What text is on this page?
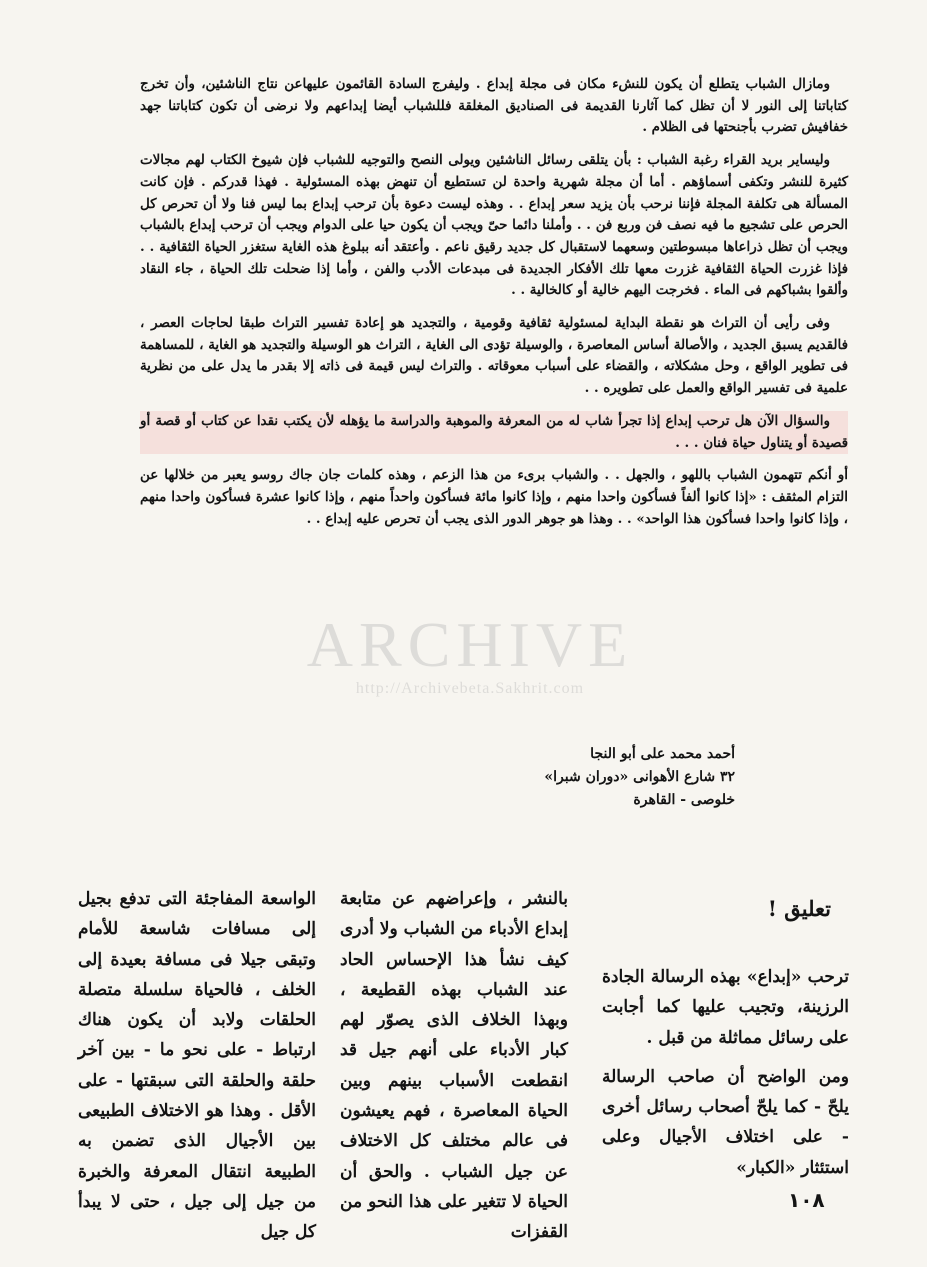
ومازال الشباب يتطلع أن يكون للنشء مكان فى مجلة إبداع . وليفرج السادة القائمون عليهاعن نتاج الناشئين، وأن تخرج كتاباتنا إلى النور لا أن تظل كما آثارنا القديمة فى الصناديق المغلقة فللشباب أيضا إبداعهم ولا نرضى أن تكون كتاباتنا جهد خفافيش تضرب بأجنحتها فى الظلام .

وليساير بريد القراء رغبة الشباب : بأن يتلقى رسائل الناشئين ويولى النصح والتوجيه للشباب فإن شيوخ الكتاب لهم مجالات كثيرة للنشر وتكفى أسماؤهم . أما أن مجلة شهرية واحدة لن تستطيع أن تنهض بهذه المسئولية . فهذا قدركم . فإن كانت المسألة هى تكلفة المجلة فإننا نرحب بأن يزيد سعر إبداع . . وهذه ليست دعوة بأن ترحب إبداع بما ليس فنا ولا أن تحرص كل الحرص على تشجيع ما فيه نصف فن وربع فن . . وأملنا دائما حىّ ويجب أن يكون حيا على الدوام ويجب أن ترحب إبداع بالشباب ويجب أن تظل ذراعاها مبسوطتين وسعهما لاستقبال كل جديد رقيق ناعم . وأعتقد أنه ببلوغ هذه الغاية ستغزر الحياة الثقافية . . فإذا غزرت الحياة الثقافية غزرت معها تلك الأفكار الجديدة فى مبدعات الأدب والفن ، وأما إذا ضحلت تلك الحياة ، جاء النقاد وألقوا بشباكهم فى الماء . فخرجت اليهم خالية أو كالخالية . .

وفى رأيى أن التراث هو نقطة البداية لمسئولية ثقافية وقومية ، والتجديد هو إعادة تفسير التراث طبقا لحاجات العصر ، فالقديم يسبق الجديد ، والأصالة أساس المعاصرة ، والوسيلة تؤدى الى الغاية ، التراث هو الوسيلة والتجديد هو الغاية ، للمساهمة فى تطوير الواقع ، وحل مشكلاته ، والقضاء على أسباب معوقاته . والتراث ليس قيمة فى ذاته إلا بقدر ما يدل على من نظرية علمية فى تفسير الواقع والعمل على تطويره . .

والسؤال الآن هل ترحب إبداع إذا تجرأ شاب له من المعرفة والموهبة والدراسة ما يؤهله لأن يكتب نقدا عن كتاب أو قصة أو قصيدة أو يتناول حياة فنان . . .

أو أنكم تتهمون الشباب باللهو ، والجهل . . والشباب برىء من هذا الزعم ، وهذه كلمات جان جاك روسو يعبر من خلالها عن التزام المثقف : «إذا كانوا ألفاً فسأكون واحدا منهم ، وإذا كانوا مائة فسأكون واحداً منهم ، وإذا كانوا عشرة فسأكون واحدا منهم ، وإذا كانوا واحدا فسأكون هذا الواحد» . . وهذا هو جوهر الدور الذى يجب أن تحرص عليه إبداع . .

أحمد محمد على أبو النجا
٣٢ شارع الأهوانى «دوران شبرا»
خلوصى - القاهرة
ARCHIVE
http://Archivebeta.Sakhrit.com
تعليق !

ترحب «إبداع» بهذه الرسالة الجادة الرزينة، وتجيب عليها كما أجابت على رسائل مماثلة من قبل .

ومن الواضح أن صاحب الرسالة يلحّ - كما يلحّ أصحاب رسائل أخرى - على اختلاف الأجيال وعلى استئثار «الكبار»

بالنشر ، وإعراضهم عن متابعة إبداع الأدباء من الشباب ولا أدرى كيف نشأ هذا الإحساس الحاد عند الشباب بهذه القطيعة ، وبهذا الخلاف الذى يصوّر لهم كبار الأدباء على أنهم جيل قد انقطعت الأسباب بينهم وبين الحياة المعاصرة ، فهم يعيشون فى عالم مختلف كل الاختلاف عن جيل الشباب . والحق أن الحياة لا تتغير على هذا النحو من القفزات

الواسعة المفاجئة التى تدفع بجيل إلى مسافات شاسعة للأمام وتبقى جيلا فى مسافة بعيدة إلى الخلف ، فالحياة سلسلة متصلة الحلقات ولابد أن يكون هناك ارتباط - على نحو ما - بين آخر حلقة والحلقة التى سبقتها - على الأقل . وهذا هو الاختلاف الطبيعى بين الأجيال الذى تضمن به الطبيعة انتقال المعرفة والخبرة من جيل إلى جيل ، حتى لا يبدأ كل جيل

١٠٨
